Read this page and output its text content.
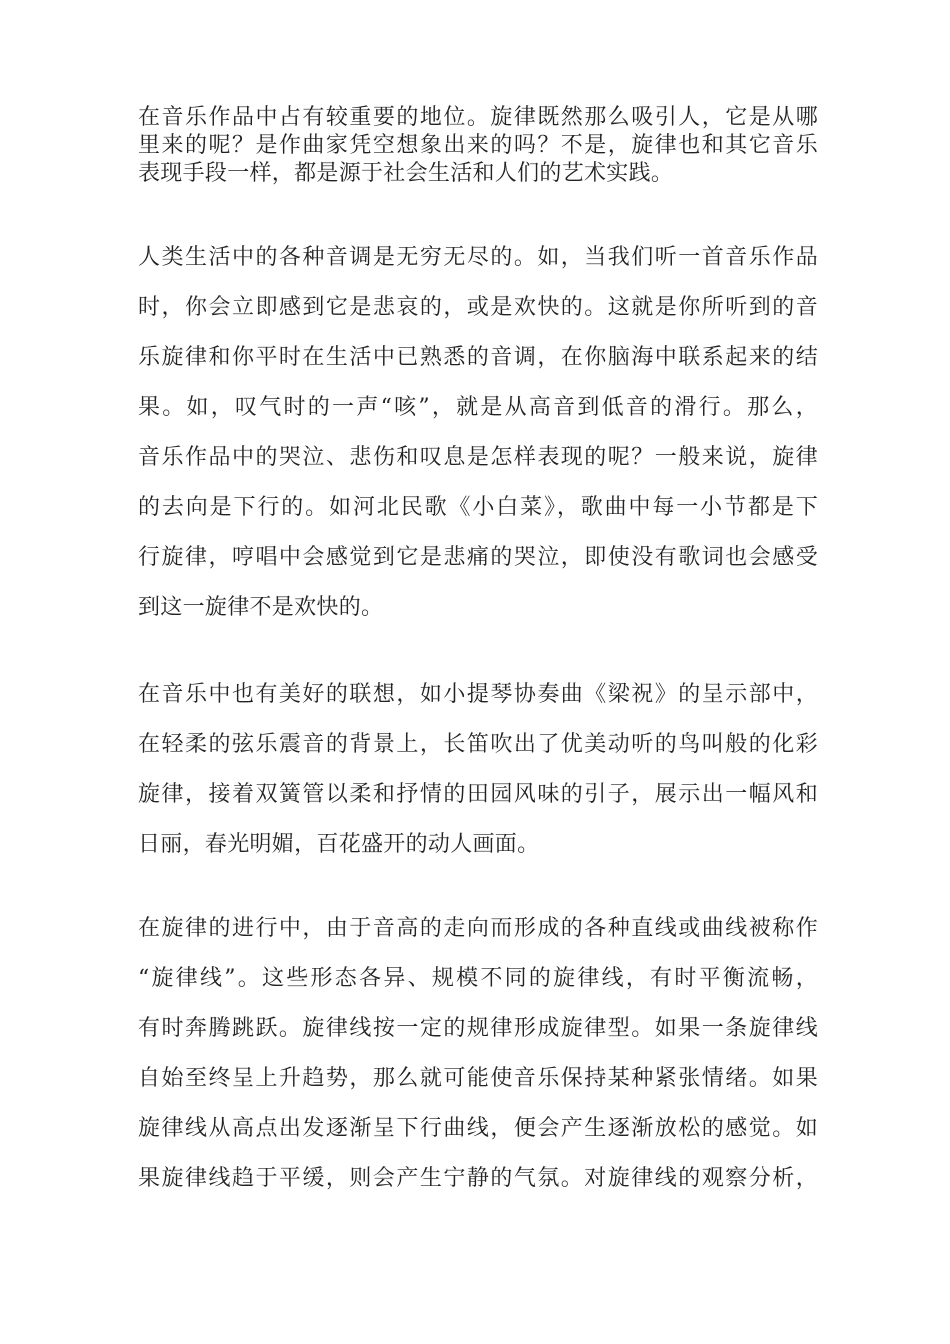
在音乐作品中占有较重要的地位。旋律既然那么吸引人，它是从哪
里来的呢？是作曲家凭空想象出来的吗？不是，旋律也和其它音乐
表现手段一样，都是源于社会生活和人们的艺术实践。
人类生活中的各种音调是无穷无尽的。如，当我们听一首音乐作品
时，你会立即感到它是悲哀的，或是欢快的。这就是你所听到的音
乐旋律和你平时在生活中已熟悉的音调，在你脑海中联系起来的结
果。如，叹气时的一声“咳”，就是从高音到低音的滑行。那么，
音乐作品中的哭泣、悲伤和叹息是怎样表现的呢？一般来说，旋律
的去向是下行的。如河北民歌《小白菜》，歌曲中每一小节都是下
行旋律，哼唱中会感觉到它是悲痛的哭泣，即使没有歌词也会感受
到这一旋律不是欢快的。
在音乐中也有美好的联想，如小提琴协奏曲《梁祝》的呈示部中，
在轻柔的弦乐震音的背景上，长笛吹出了优美动听的鸟叫般的化彩
旋律，接着双簧管以柔和抒情的田园风味的引子，展示出一幅风和
日丽，春光明媚，百花盛开的动人画面。
在旋律的进行中，由于音高的走向而形成的各种直线或曲线被称作
“旋律线”。这些形态各异、规模不同的旋律线，有时平衡流畅，
有时奔腾跳跃。旋律线按一定的规律形成旋律型。如果一条旋律线
自始至终呈上升趋势，那么就可能使音乐保持某种紧张情绪。如果
旋律线从高点出发逐渐呈下行曲线，便会产生逐渐放松的感觉。如
果旋律线趋于平缓，则会产生宁静的气氛。对旋律线的观察分析，
